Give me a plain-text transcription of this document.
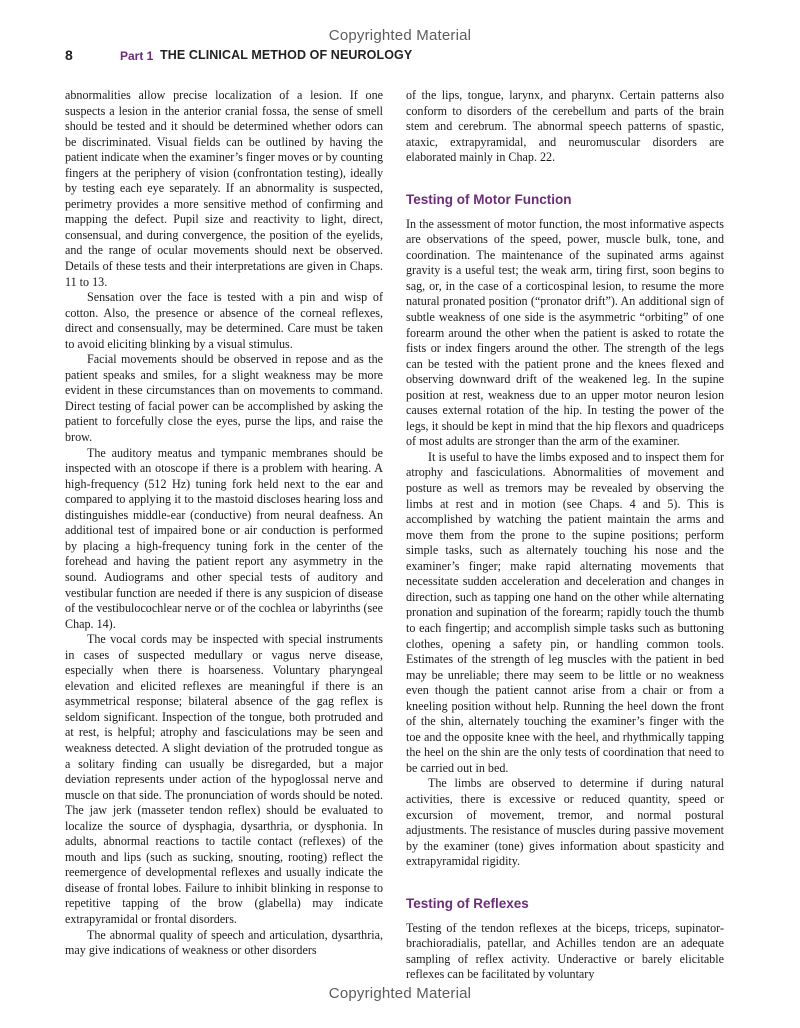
Copyrighted Material
8	Part 1 THE CLINICAL METHOD OF NEUROLOGY

abnormalities allow precise localization of a lesion. If one suspects a lesion in the anterior cranial fossa, the sense of smell should be tested and it should be determined whether odors can be discriminated. Visual fields can be outlined by having the patient indicate when the examiner’s finger moves or by counting fingers at the periphery of vision (confrontation testing), ideally by testing each eye separately. If an abnormality is suspected, perimetry provides a more sensitive method of confirming and mapping the defect. Pupil size and reactivity to light, direct, consensual, and during convergence, the position of the eyelids, and the range of ocular movements should next be observed. Details of these tests and their interpretations are given in Chaps. 11 to 13.

Sensation over the face is tested with a pin and wisp of cotton. Also, the presence or absence of the corneal reflexes, direct and consensually, may be determined. Care must be taken to avoid eliciting blinking by a visual stimulus.

Facial movements should be observed in repose and as the patient speaks and smiles, for a slight weakness may be more evident in these circumstances than on movements to command. Direct testing of facial power can be accomplished by asking the patient to forcefully close the eyes, purse the lips, and raise the brow.

The auditory meatus and tympanic membranes should be inspected with an otoscope if there is a problem with hearing. A high-frequency (512 Hz) tuning fork held next to the ear and compared to applying it to the mastoid discloses hearing loss and distinguishes middle-ear (conductive) from neural deafness. An additional test of impaired bone or air conduction is performed by placing a high-frequency tuning fork in the center of the forehead and having the patient report any asymmetry in the sound. Audiograms and other special tests of auditory and vestibular function are needed if there is any suspicion of disease of the vestibulocochlear nerve or of the cochlea or labyrinths (see Chap. 14).

The vocal cords may be inspected with special instruments in cases of suspected medullary or vagus nerve disease, especially when there is hoarseness. Voluntary pharyngeal elevation and elicited reflexes are meaningful if there is an asymmetrical response; bilateral absence of the gag reflex is seldom significant. Inspection of the tongue, both protruded and at rest, is helpful; atrophy and fasciculations may be seen and weakness detected. A slight deviation of the protruded tongue as a solitary finding can usually be disregarded, but a major deviation represents under action of the hypoglossal nerve and muscle on that side. The pronunciation of words should be noted. The jaw jerk (masseter tendon reflex) should be evaluated to localize the source of dysphagia, dysarthria, or dysphonia. In adults, abnormal reactions to tactile contact (reflexes) of the mouth and lips (such as sucking, snouting, rooting) reflect the reemergence of developmental reflexes and usually indicate the disease of frontal lobes. Failure to inhibit blinking in response to repetitive tapping of the brow (glabella) may indicate extrapyramidal or frontal disorders.

The abnormal quality of speech and articulation, dysarthria, may give indications of weakness or other disorders

of the lips, tongue, larynx, and pharynx. Certain patterns also conform to disorders of the cerebellum and parts of the brain stem and cerebrum. The abnormal speech patterns of spastic, ataxic, extrapyramidal, and neuromuscular disorders are elaborated mainly in Chap. 22.

Testing of Motor Function

In the assessment of motor function, the most informative aspects are observations of the speed, power, muscle bulk, tone, and coordination. The maintenance of the supinated arms against gravity is a useful test; the weak arm, tiring first, soon begins to sag, or, in the case of a corticospinal lesion, to resume the more natural pronated position (“pronator drift”). An additional sign of subtle weakness of one side is the asymmetric “orbiting” of one forearm around the other when the patient is asked to rotate the fists or index fingers around the other. The strength of the legs can be tested with the patient prone and the knees flexed and observing downward drift of the weakened leg. In the supine position at rest, weakness due to an upper motor neuron lesion causes external rotation of the hip. In testing the power of the legs, it should be kept in mind that the hip flexors and quadriceps of most adults are stronger than the arm of the examiner.

It is useful to have the limbs exposed and to inspect them for atrophy and fasciculations. Abnormalities of movement and posture as well as tremors may be revealed by observing the limbs at rest and in motion (see Chaps. 4 and 5). This is accomplished by watching the patient maintain the arms and move them from the prone to the supine positions; perform simple tasks, such as alternately touching his nose and the examiner’s finger; make rapid alternating movements that necessitate sudden acceleration and deceleration and changes in direction, such as tapping one hand on the other while alternating pronation and supination of the forearm; rapidly touch the thumb to each fingertip; and accomplish simple tasks such as buttoning clothes, opening a safety pin, or handling common tools. Estimates of the strength of leg muscles with the patient in bed may be unreliable; there may seem to be little or no weakness even though the patient cannot arise from a chair or from a kneeling position without help. Running the heel down the front of the shin, alternately touching the examiner’s finger with the toe and the opposite knee with the heel, and rhythmically tapping the heel on the shin are the only tests of coordination that need to be carried out in bed.

The limbs are observed to determine if during natural activities, there is excessive or reduced quantity, speed or excursion of movement, tremor, and normal postural adjustments. The resistance of muscles during passive movement by the examiner (tone) gives information about spasticity and extrapyramidal rigidity.

Testing of Reflexes

Testing of the tendon reflexes at the biceps, triceps, supinator-brachioradialis, patellar, and Achilles tendon are an adequate sampling of reflex activity. Underactive or barely elicitable reflexes can be facilitated by voluntary

Copyrighted Material
